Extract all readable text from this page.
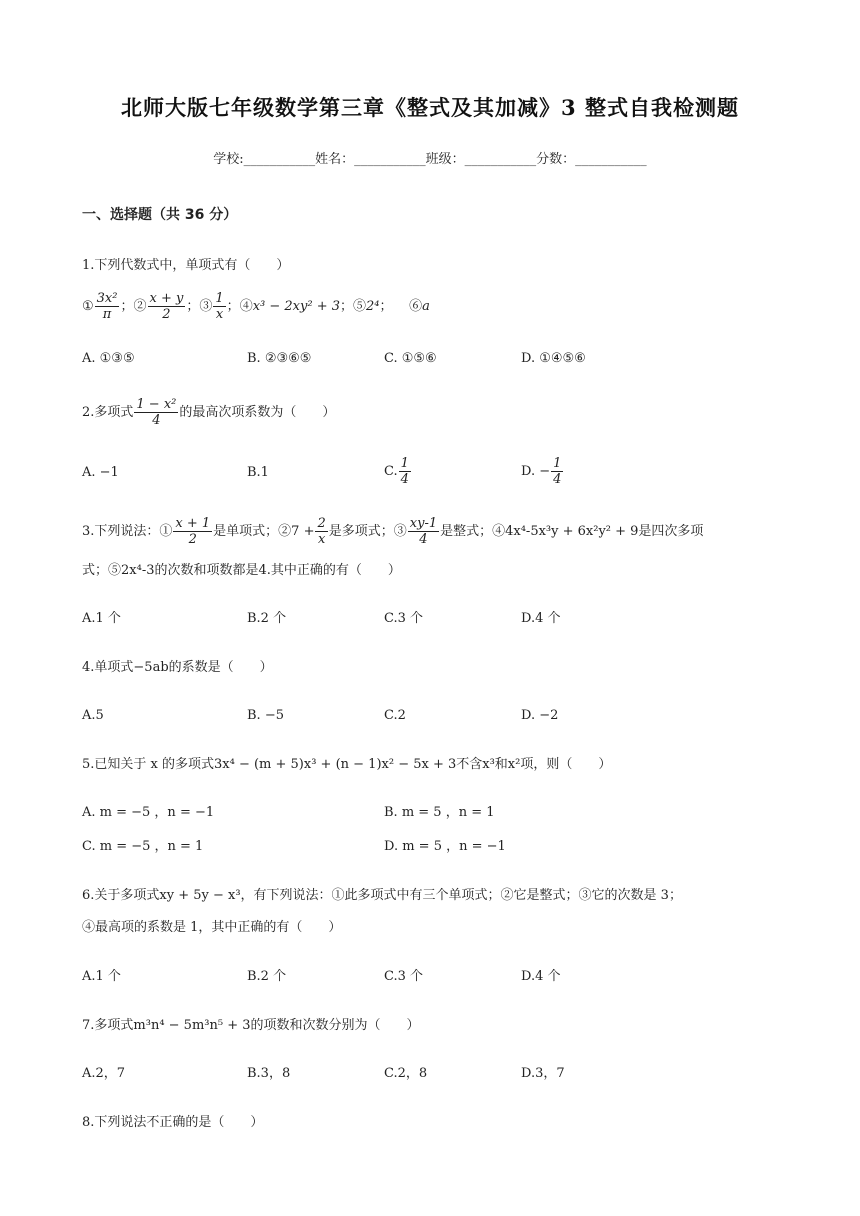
北师大版七年级数学第三章《整式及其加减》3 整式自我检测题
学校:___________姓名：___________班级：___________分数：___________
一、选择题（共 36 分）
1.下列代数式中，单项式有（　　）
① $\frac{\text{3x²}}{\pi}$ ；② $\frac{x + y}{2}$ ；③ $\frac{1}{x}$ ；④x³ − 2xy² + 3；⑤2⁴； ⑥a
A. ①③⑤	B. ②③⑥⑤	C. ①⑤⑥	D. ①④⑤⑥
2.多项式 $\frac{\text{1 − x²}}{4}$ 的最高次项系数为（　　）
A. −1	B.1	C. $\frac{1}{4}$	D. − $\frac{1}{4}$
3.下列说法：① $\frac{x + 1}{2}$ 是单项式；②7 + $\frac{2}{x}$ 是多项式；③ $\frac{xy-1}{4}$ 是整式；④4x⁴-5x³y + 6x²y² + 9是四次多项
式；⑤2x⁴-3的次数和项数都是4.其中正确的有（　　）
A.1 个	B.2 个	C.3 个	D.4 个
4.单项式−5ab的系数是（　　）
A.5	B. −5	C.2	D. −2
5.已知关于 x 的多项式3x⁴ − (m + 5)x³ + (n − 1)x² − 5x + 3不含x³和x²项，则（　　）
A. m = −5 ，n = −1	B. m = 5 ，n = 1
C. m = −5 ，n = 1	D. m = 5 ，n = −1
6.关于多项式xy + 5y − x³，有下列说法：①此多项式中有三个单项式；②它是整式；③它的次数是 3；
④最高项的系数是 1，其中正确的有（　　）
A.1 个	B.2 个	C.3 个	D.4 个
7.多项式m³n⁴ − 5m³n⁵ + 3的项数和次数分别为（　　）
A.2，7	B.3，8	C.2，8	D.3，7
8.下列说法不正确的是（　　）
